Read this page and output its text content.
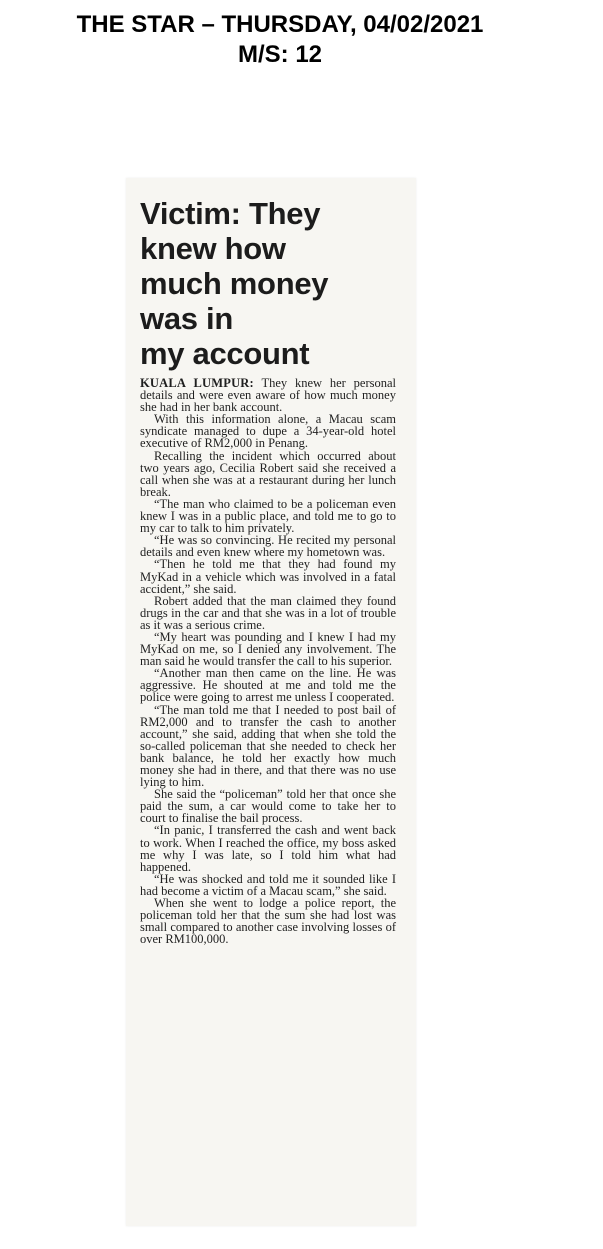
THE STAR – THURSDAY, 04/02/2021
M/S: 12
Victim: They
knew how
much money
was in
my account

KUALA LUMPUR: They knew her personal details and were even aware of how much money she had in her bank account.

With this information alone, a Macau scam syndicate managed to dupe a 34-year-old hotel executive of RM2,000 in Penang.

Recalling the incident which occurred about two years ago, Cecilia Robert said she received a call when she was at a restaurant during her lunch break.

“The man who claimed to be a policeman even knew I was in a public place, and told me to go to my car to talk to him privately.

“He was so convincing. He recited my personal details and even knew where my hometown was.

“Then he told me that they had found my MyKad in a vehicle which was involved in a fatal accident,” she said.

Robert added that the man claimed they found drugs in the car and that she was in a lot of trouble as it was a serious crime.

“My heart was pounding and I knew I had my MyKad on me, so I denied any involvement. The man said he would transfer the call to his superior.

“Another man then came on the line. He was aggressive. He shouted at me and told me the police were going to arrest me unless I cooperated.

“The man told me that I needed to post bail of RM2,000 and to transfer the cash to another account,” she said, adding that when she told the so-called policeman that she needed to check her bank balance, he told her exactly how much money she had in there, and that there was no use lying to him.

She said the “policeman” told her that once she paid the sum, a car would come to take her to court to finalise the bail process.

“In panic, I transferred the cash and went back to work. When I reached the office, my boss asked me why I was late, so I told him what had happened.

“He was shocked and told me it sounded like I had become a victim of a Macau scam,” she said.

When she went to lodge a police report, the policeman told her that the sum she had lost was small compared to another case involving losses of over RM100,000.
